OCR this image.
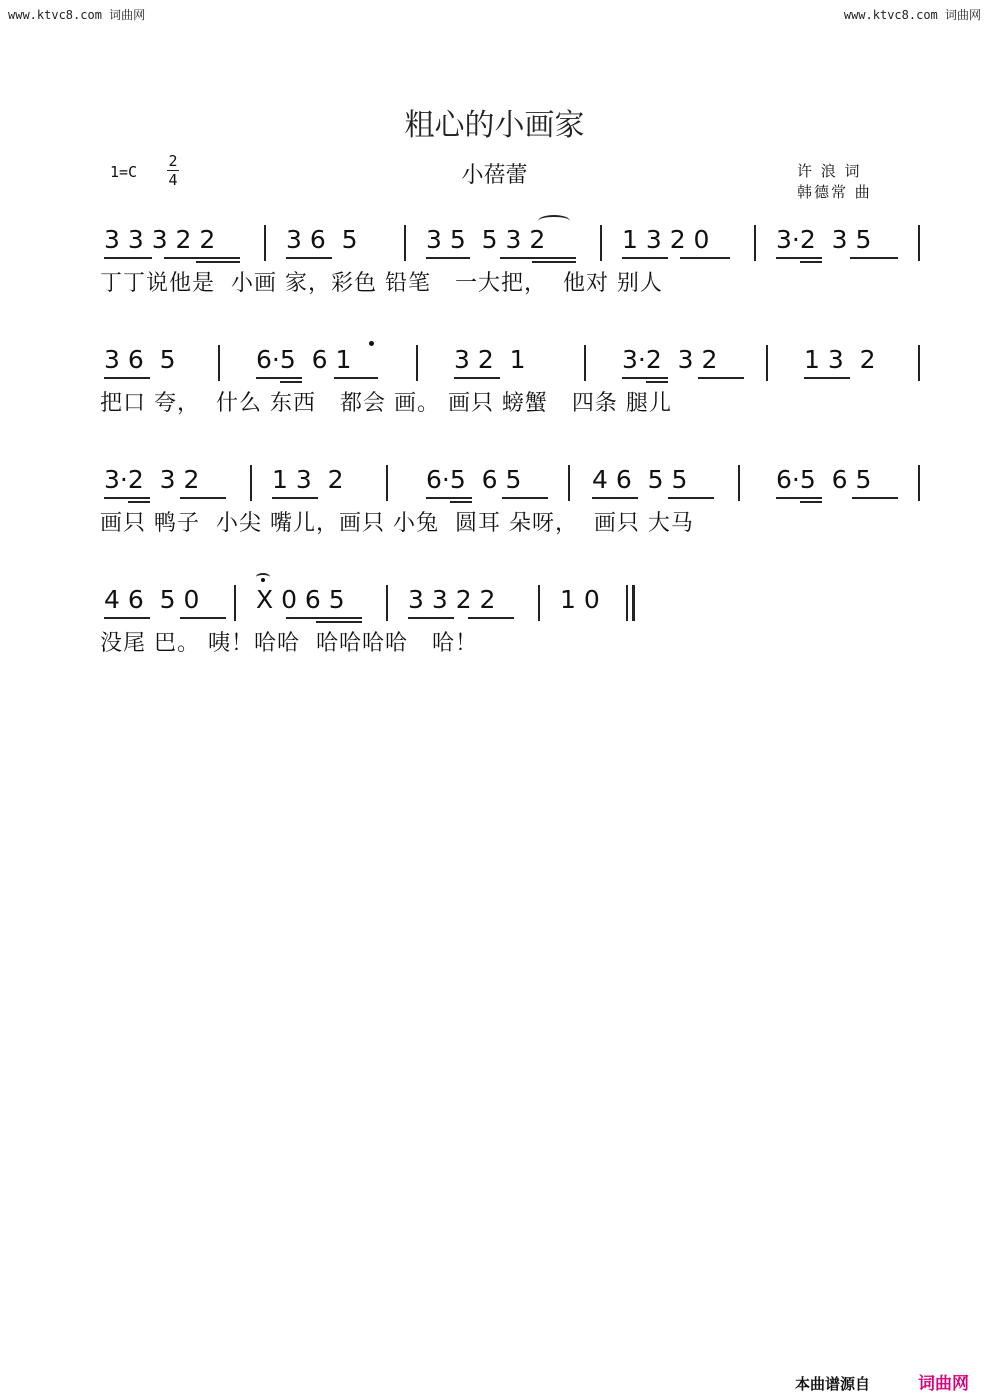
www.ktvc8.com 词曲网	www.ktvc8.com 词曲网
粗心的小画家
1=C
2
4	小蓓蕾	许 浪 词
韩德常 曲

3 3 3 2 2

	3 6  5

	3 5  5 3 2

	1 3 2 0

	3·2  3 5

丁丁说他是  小画 家，彩色 铅笔   一大把，  他对 别人

3 6  5

	6·5  6 1

	3 2  1

	3·2  3 2

	1 3  2

把口 夸，  什么 东西   都会 画。 画只 螃蟹   四条 腿儿

3·2  3 2

	1 3  2

	6·5  6 5

	4 6  5 5

	6·5  6 5

画只 鸭子  小尖 嘴儿，画只 小兔  圆耳 朵呀，  画只 大马

4 6  5 0

X 0 6 5

	3 3 2 2

	1 0

没尾 巴。 咦！哈哈  哈哈哈哈   哈！
本曲谱源自	词曲网
